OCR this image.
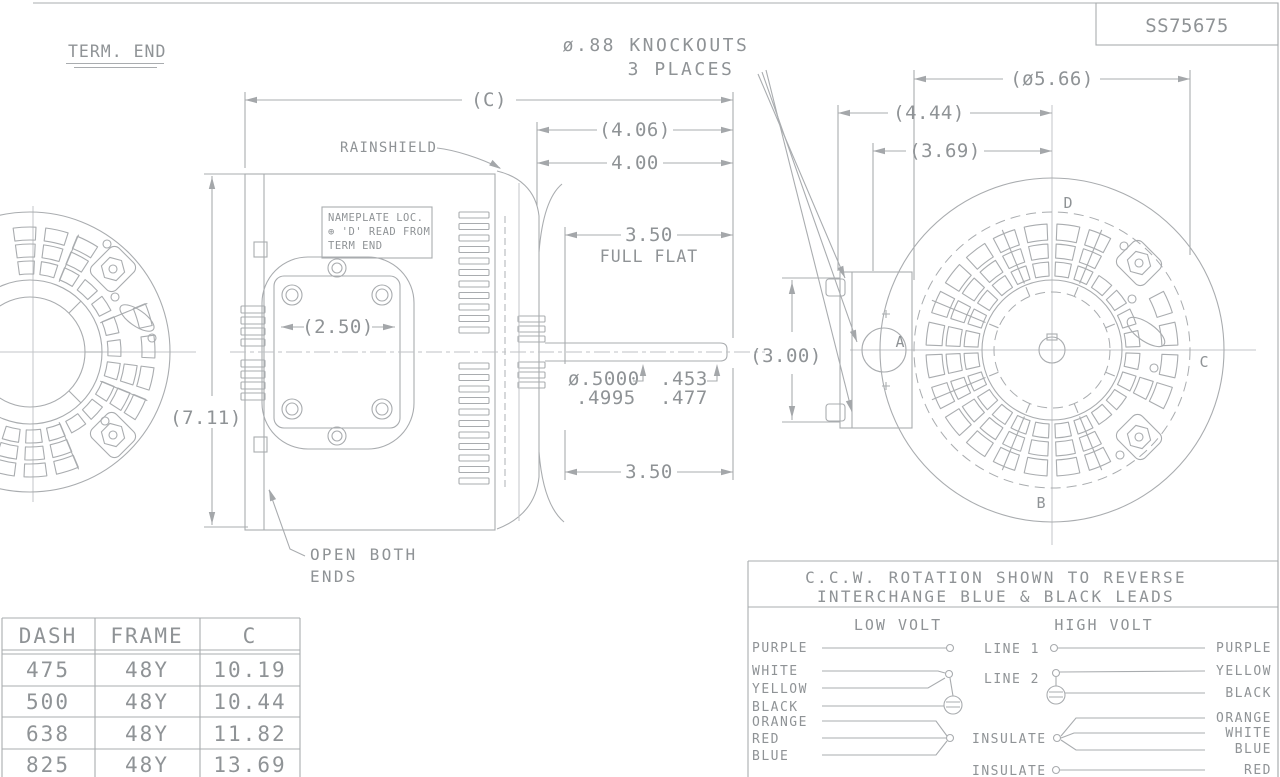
SS75675
TERM. END
NAMEPLATE LOC.
⊕ 'D' READ FROM
TERM END
(C)
(4.06)
4.00
3.50
FULL FLAT
3.50
(2.50)
(7.11)
ø.5000
.4995
.453
.477
RAINSHIELD
OPEN BOTH
ENDS
ø.88 KNOCKOUTS
3 PLACES
A
D
B
C
(ø5.66)
(4.44)
(3.69)
(3.00)
DASH FRAME	C
475	48Y 10.19
500	48Y 10.44
638	48Y 11.82
825	48Y 13.69
C.C.W. ROTATION SHOWN TO REVERSE
INTERCHANGE BLUE & BLACK LEADS
LOW VOLT	HIGH VOLT
PURPLE
WHITE
YELLOW
BLACK
ORANGE
RED
BLUE
LINE 1
LINE 2
INSULATE
INSULATE
PURPLE
YELLOW
BLACK
ORANGE
WHITE
BLUE
RED
